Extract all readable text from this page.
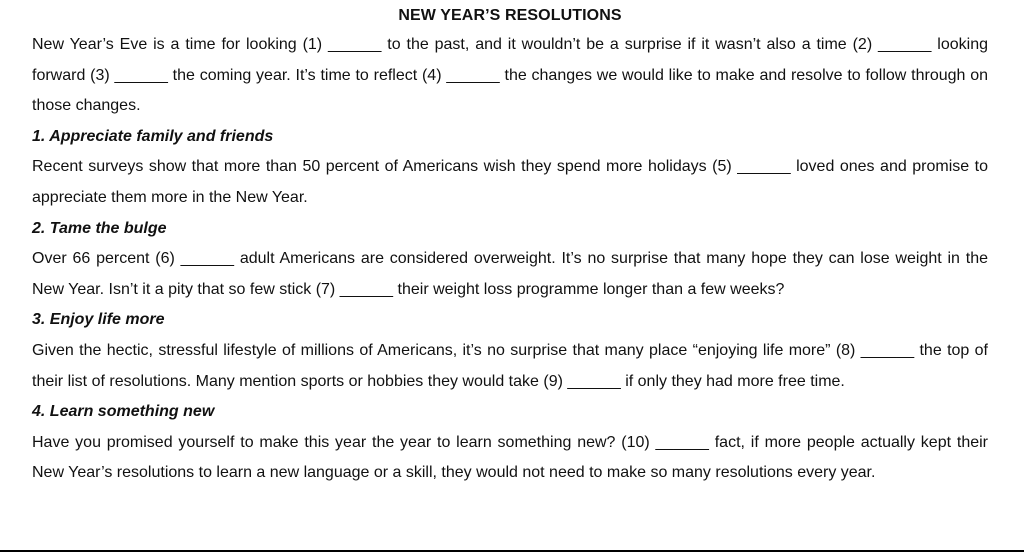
NEW YEAR’S RESOLUTIONS

New Year’s Eve is a time for looking (1) ______ to the past, and it wouldn’t be a surprise if it wasn’t also a time (2) ______ looking forward (3) ______ the coming year. It’s time to reflect (4) ______ the changes we would like to make and resolve to follow through on those changes.

1. Appreciate family and friends

Recent surveys show that more than 50 percent of Americans wish they spend more holidays (5) ______ loved ones and promise to appreciate them more in the New Year.

2. Tame the bulge

Over 66 percent (6) ______ adult Americans are considered overweight. It’s no surprise that many hope they can lose weight in the New Year. Isn’t it a pity that so few stick (7) ______ their weight loss programme longer than a few weeks?

3. Enjoy life more

Given the hectic, stressful lifestyle of millions of Americans, it’s no surprise that many place “enjoying life more” (8) ______ the top of their list of resolutions. Many mention sports or hobbies they would take (9) ______ if only they had more free time.

4. Learn something new

Have you promised yourself to make this year the year to learn something new? (10) ______ fact, if more people actually kept their New Year’s resolutions to learn a new language or a skill, they would not need to make so many resolutions every year.
